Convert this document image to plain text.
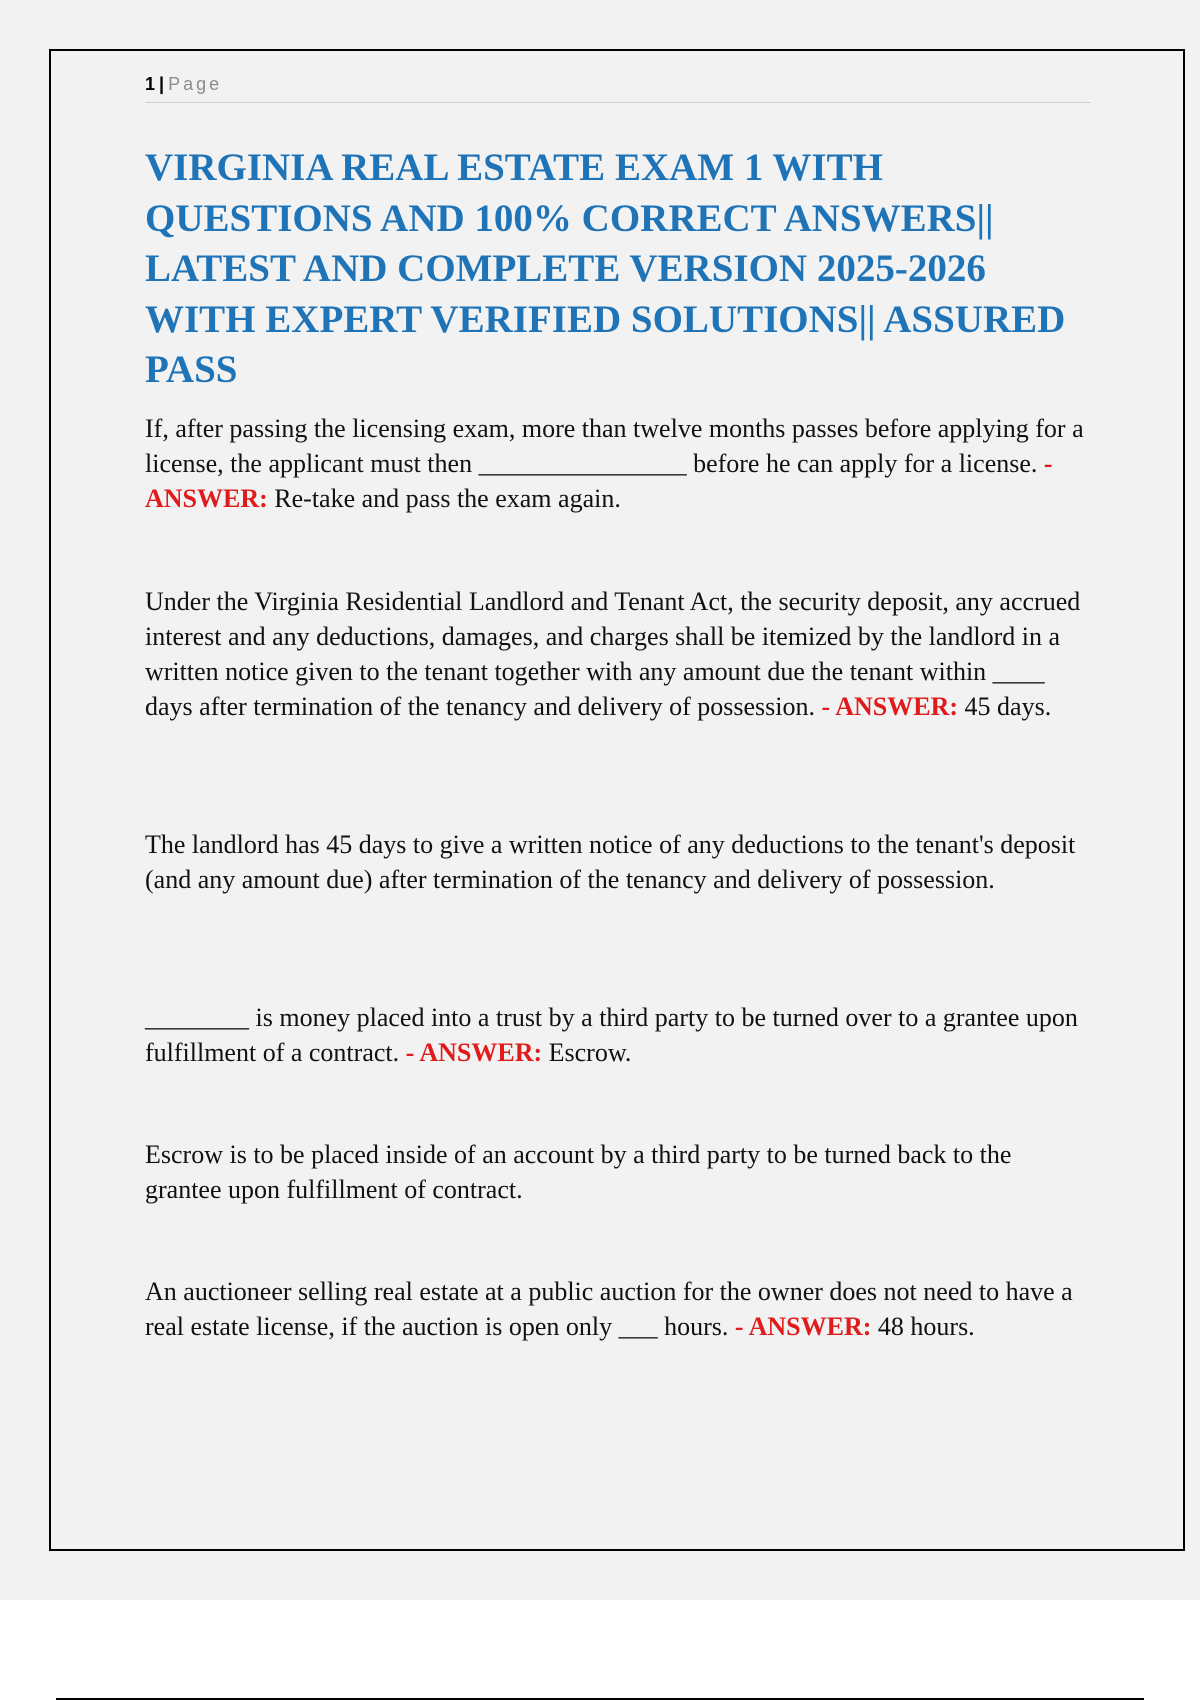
1 | Page
VIRGINIA REAL ESTATE EXAM 1 WITH QUESTIONS AND 100% CORRECT ANSWERS|| LATEST AND COMPLETE VERSION 2025-2026 WITH EXPERT VERIFIED SOLUTIONS|| ASSURED PASS

If, after passing the licensing exam, more than twelve months passes before applying for a license, the applicant must then ________________ before he can apply for a license. - ANSWER: Re-take and pass the exam again.

Under the Virginia Residential Landlord and Tenant Act, the security deposit, any accrued interest and any deductions, damages, and charges shall be itemized by the landlord in a written notice given to the tenant together with any amount due the tenant within ____ days after termination of the tenancy and delivery of possession. - ANSWER: 45 days.

The landlord has 45 days to give a written notice of any deductions to the tenant's deposit (and any amount due) after termination of the tenancy and delivery of possession.

________ is money placed into a trust by a third party to be turned over to a grantee upon fulfillment of a contract. - ANSWER: Escrow.

Escrow is to be placed inside of an account by a third party to be turned back to the grantee upon fulfillment of contract.

An auctioneer selling real estate at a public auction for the owner does not need to have a real estate license, if the auction is open only ___ hours. - ANSWER: 48 hours.
